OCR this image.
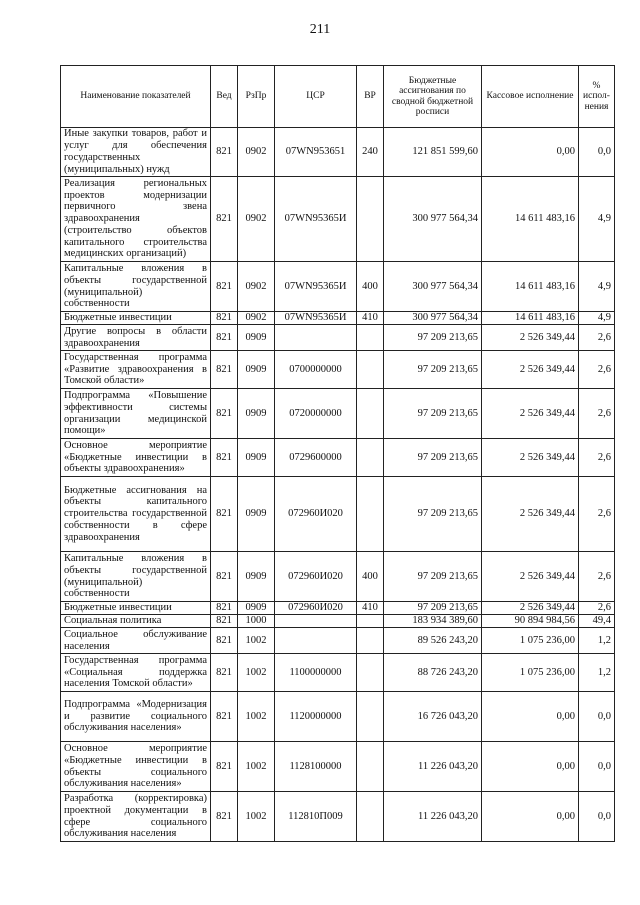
211
Наименование показателей	Вед	РзПр	ЦСР	ВР	Бюджетные ассигнования по сводной бюджетной росписи	Кассовое исполнение	% испол-нения
Иные закупки товаров, работ и услуг для обеспечения государственных (муниципальных) нужд	821	0902	07WN953651	240	121 851 599,60	0,00	0,0
Реализация региональных проектов модернизации первичного звена здравоохранения (строительство объектов капитального строительства медицинских организаций)	821	0902	07WN95365И		300 977 564,34	14 611 483,16	4,9
Капитальные вложения в объекты государственной (муниципальной) собственности	821	0902	07WN95365И	400	300 977 564,34	14 611 483,16	4,9
Бюджетные инвестиции	821	0902	07WN95365И	410	300 977 564,34	14 611 483,16	4,9
Другие вопросы в области здравоохранения	821	0909			97 209 213,65	2 526 349,44	2,6
Государственная программа «Развитие здравоохранения в Томской области»	821	0909	0700000000		97 209 213,65	2 526 349,44	2,6
Подпрограмма «Повышение эффективности системы организации медицинской помощи»	821	0909	0720000000		97 209 213,65	2 526 349,44	2,6
Основное мероприятие «Бюджетные инвестиции в объекты здравоохранения»	821	0909	0729600000		97 209 213,65	2 526 349,44	2,6
Бюджетные ассигнования на объекты капитального строительства государственной собственности в сфере здравоохранения	821	0909	072960И020		97 209 213,65	2 526 349,44	2,6
Капитальные вложения в объекты государственной (муниципальной) собственности	821	0909	072960И020	400	97 209 213,65	2 526 349,44	2,6
Бюджетные инвестиции	821	0909	072960И020	410	97 209 213,65	2 526 349,44	2,6
Социальная политика	821	1000			183 934 389,60	90 894 984,56	49,4
Социальное обслуживание населения	821	1002			89 526 243,20	1 075 236,00	1,2
Государственная программа «Социальная поддержка населения Томской области»	821	1002	1100000000		88 726 243,20	1 075 236,00	1,2
Подпрограмма «Модернизация и развитие социального обслуживания населения»	821	1002	1120000000		16 726 043,20	0,00	0,0
Основное мероприятие «Бюджетные инвестиции в объекты социального обслуживания населения»	821	1002	1128100000		11 226 043,20	0,00	0,0
Разработка (корректировка) проектной документации в сфере социального обслуживания населения	821	1002	112810П009		11 226 043,20	0,00	0,0
